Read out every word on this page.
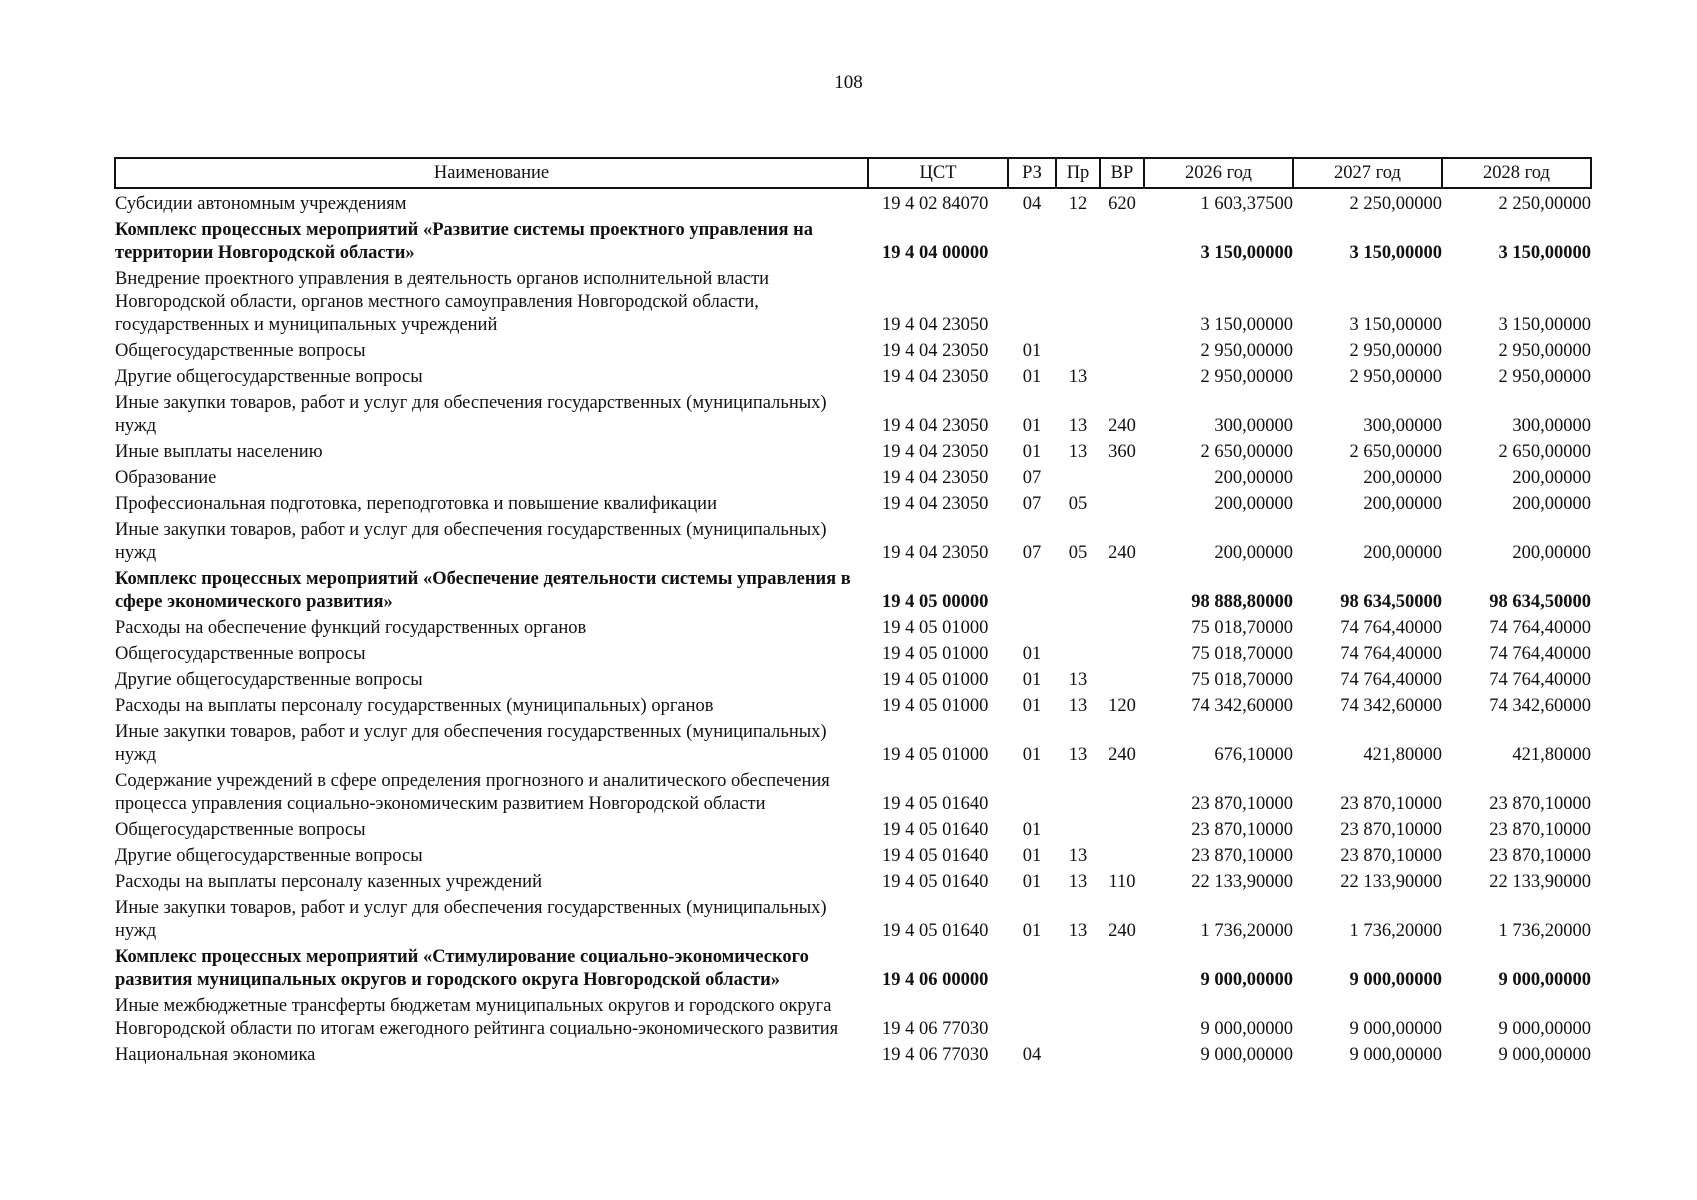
108
Наименование	ЦСТ	РЗ	Пр	ВР	2026 год	2027 год	2028 год
Субсидии автономным учреждениям	19 4 02 84070	04	12	620	1 603,37500	2 250,00000	2 250,00000
Комплекс процессных мероприятий «Развитие системы проектного управления на территории Новгородской области»	19 4 04 00000				3 150,00000	3 150,00000	3 150,00000
Внедрение проектного управления в деятельность органов исполнительной власти Новгородской области, органов местного самоуправления Новгородской области, государственных и муниципальных учреждений	19 4 04 23050				3 150,00000	3 150,00000	3 150,00000
Общегосударственные вопросы	19 4 04 23050	01			2 950,00000	2 950,00000	2 950,00000
Другие общегосударственные вопросы	19 4 04 23050	01	13		2 950,00000	2 950,00000	2 950,00000
Иные закупки товаров, работ и услуг для обеспечения государственных (муниципальных) нужд	19 4 04 23050	01	13	240	300,00000	300,00000	300,00000
Иные выплаты населению	19 4 04 23050	01	13	360	2 650,00000	2 650,00000	2 650,00000
Образование	19 4 04 23050	07			200,00000	200,00000	200,00000
Профессиональная подготовка, переподготовка и повышение квалификации	19 4 04 23050	07	05		200,00000	200,00000	200,00000
Иные закупки товаров, работ и услуг для обеспечения государственных (муниципальных) нужд	19 4 04 23050	07	05	240	200,00000	200,00000	200,00000
Комплекс процессных мероприятий «Обеспечение деятельности системы управления в сфере экономического развития»	19 4 05 00000				98 888,80000	98 634,50000	98 634,50000
Расходы на обеспечение функций государственных органов	19 4 05 01000				75 018,70000	74 764,40000	74 764,40000
Общегосударственные вопросы	19 4 05 01000	01			75 018,70000	74 764,40000	74 764,40000
Другие общегосударственные вопросы	19 4 05 01000	01	13		75 018,70000	74 764,40000	74 764,40000
Расходы на выплаты персоналу государственных (муниципальных) органов	19 4 05 01000	01	13	120	74 342,60000	74 342,60000	74 342,60000
Иные закупки товаров, работ и услуг для обеспечения государственных (муниципальных) нужд	19 4 05 01000	01	13	240	676,10000	421,80000	421,80000
Содержание учреждений в сфере определения прогнозного и аналитического обеспечения процесса управления социально-экономическим развитием Новгородской области	19 4 05 01640				23 870,10000	23 870,10000	23 870,10000
Общегосударственные вопросы	19 4 05 01640	01			23 870,10000	23 870,10000	23 870,10000
Другие общегосударственные вопросы	19 4 05 01640	01	13		23 870,10000	23 870,10000	23 870,10000
Расходы на выплаты персоналу казенных учреждений	19 4 05 01640	01	13	110	22 133,90000	22 133,90000	22 133,90000
Иные закупки товаров, работ и услуг для обеспечения государственных (муниципальных) нужд	19 4 05 01640	01	13	240	1 736,20000	1 736,20000	1 736,20000
Комплекс процессных мероприятий «Стимулирование социально-экономического развития муниципальных округов и городского округа Новгородской области»	19 4 06 00000				9 000,00000	9 000,00000	9 000,00000
Иные межбюджетные трансферты бюджетам муниципальных округов и городского округа Новгородской области по итогам ежегодного рейтинга социально-экономического развития	19 4 06 77030				9 000,00000	9 000,00000	9 000,00000
Национальная экономика	19 4 06 77030	04			9 000,00000	9 000,00000	9 000,00000
